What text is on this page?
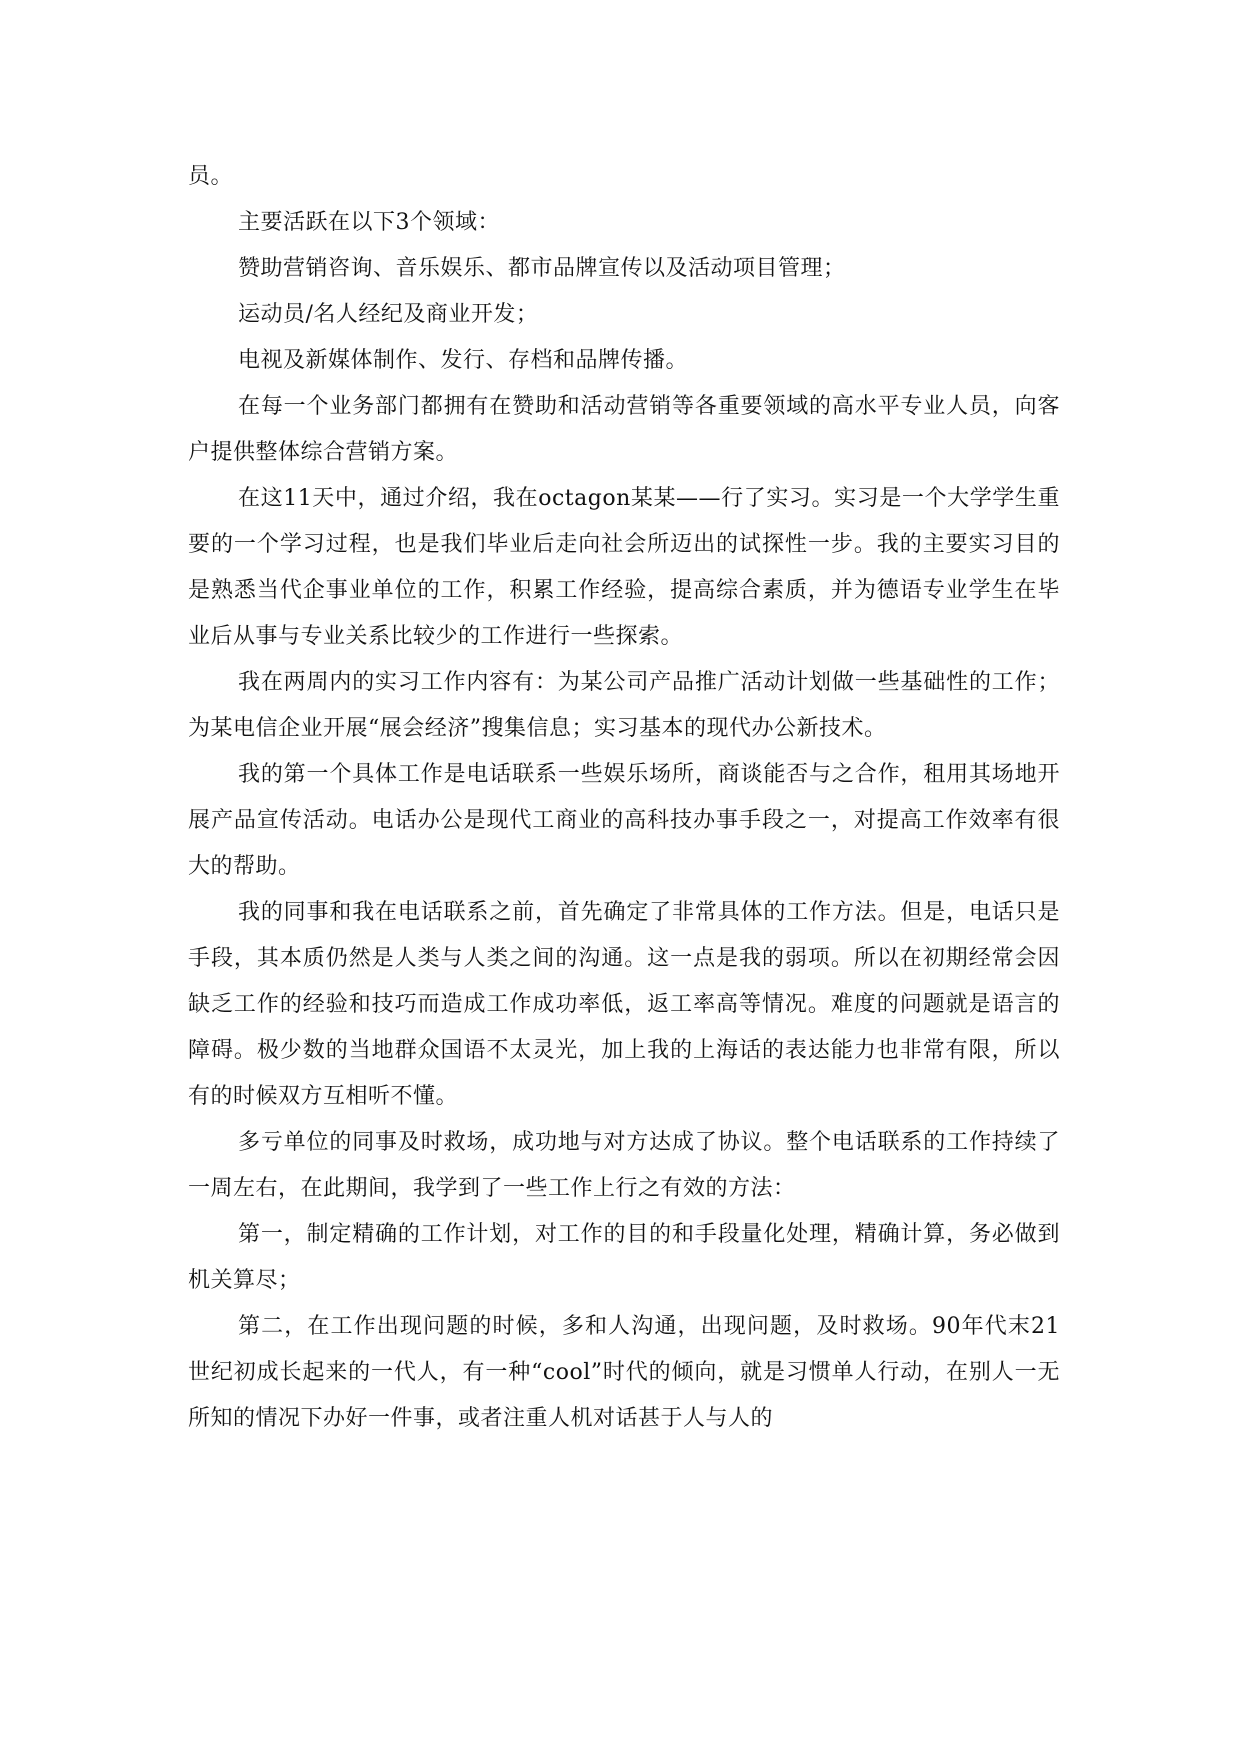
员。

主要活跃在以下3个领域：

赞助营销咨询、音乐娱乐、都市品牌宣传以及活动项目管理；

运动员/名人经纪及商业开发；

电视及新媒体制作、发行、存档和品牌传播。

在每一个业务部门都拥有在赞助和活动营销等各重要领域的高水平专业人员，向客户提供整体综合营销方案。

在这11天中，通过介绍，我在octagon某某——行了实习。实习是一个大学学生重要的一个学习过程，也是我们毕业后走向社会所迈出的试探性一步。我的主要实习目的是熟悉当代企事业单位的工作，积累工作经验，提高综合素质，并为德语专业学生在毕业后从事与专业关系比较少的工作进行一些探索。

我在两周内的实习工作内容有：为某公司产品推广活动计划做一些基础性的工作；为某电信企业开展“展会经济”搜集信息；实习基本的现代办公新技术。

我的第一个具体工作是电话联系一些娱乐场所，商谈能否与之合作，租用其场地开展产品宣传活动。电话办公是现代工商业的高科技办事手段之一，对提高工作效率有很大的帮助。

我的同事和我在电话联系之前，首先确定了非常具体的工作方法。但是，电话只是手段，其本质仍然是人类与人类之间的沟通。这一点是我的弱项。所以在初期经常会因缺乏工作的经验和技巧而造成工作成功率低，返工率高等情况。难度的问题就是语言的障碍。极少数的当地群众国语不太灵光，加上我的上海话的表达能力也非常有限，所以有的时候双方互相听不懂。

多亏单位的同事及时救场，成功地与对方达成了协议。整个电话联系的工作持续了一周左右，在此期间，我学到了一些工作上行之有效的方法：

第一，制定精确的工作计划，对工作的目的和手段量化处理，精确计算，务必做到机关算尽；

第二，在工作出现问题的时候，多和人沟通，出现问题，及时救场。90年代末21世纪初成长起来的一代人，有一种“cool”时代的倾向，就是习惯单人行动，在别人一无所知的情况下办好一件事，或者注重人机对话甚于人与人的
